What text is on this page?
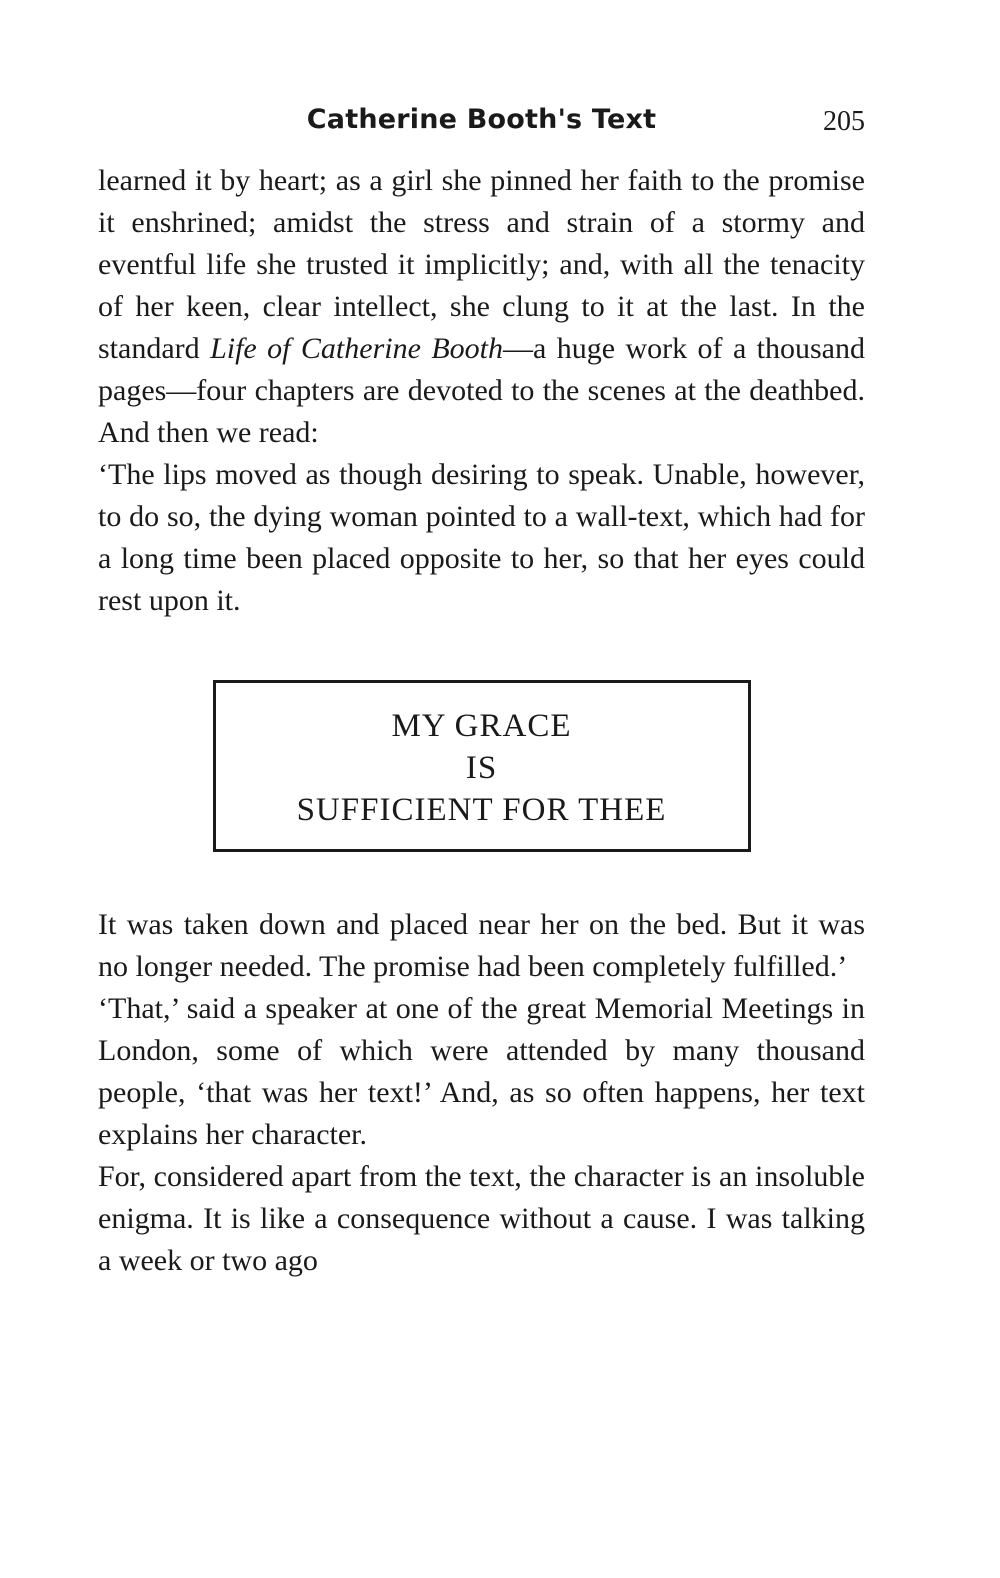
Catherine Booth's Text	205

learned it by heart; as a girl she pinned her faith to the promise it enshrined; amidst the stress and strain of a stormy and eventful life she trusted it implicitly; and, with all the tenacity of her keen, clear intellect, she clung to it at the last. In the standard Life of Catherine Booth—a huge work of a thousand pages—four chapters are devoted to the scenes at the deathbed. And then we read:

‘The lips moved as though desiring to speak. Unable, however, to do so, the dying woman pointed to a wall-text, which had for a long time been placed opposite to her, so that her eyes could rest upon it.

MY GRACE
IS
SUFFICIENT FOR THEE

It was taken down and placed near her on the bed. But it was no longer needed. The promise had been completely fulfilled.’

‘That,’ said a speaker at one of the great Memorial Meetings in London, some of which were attended by many thousand people, ‘that was her text!’ And, as so often happens, her text explains her character.

For, considered apart from the text, the character is an insoluble enigma. It is like a consequence without a cause. I was talking a week or two ago
